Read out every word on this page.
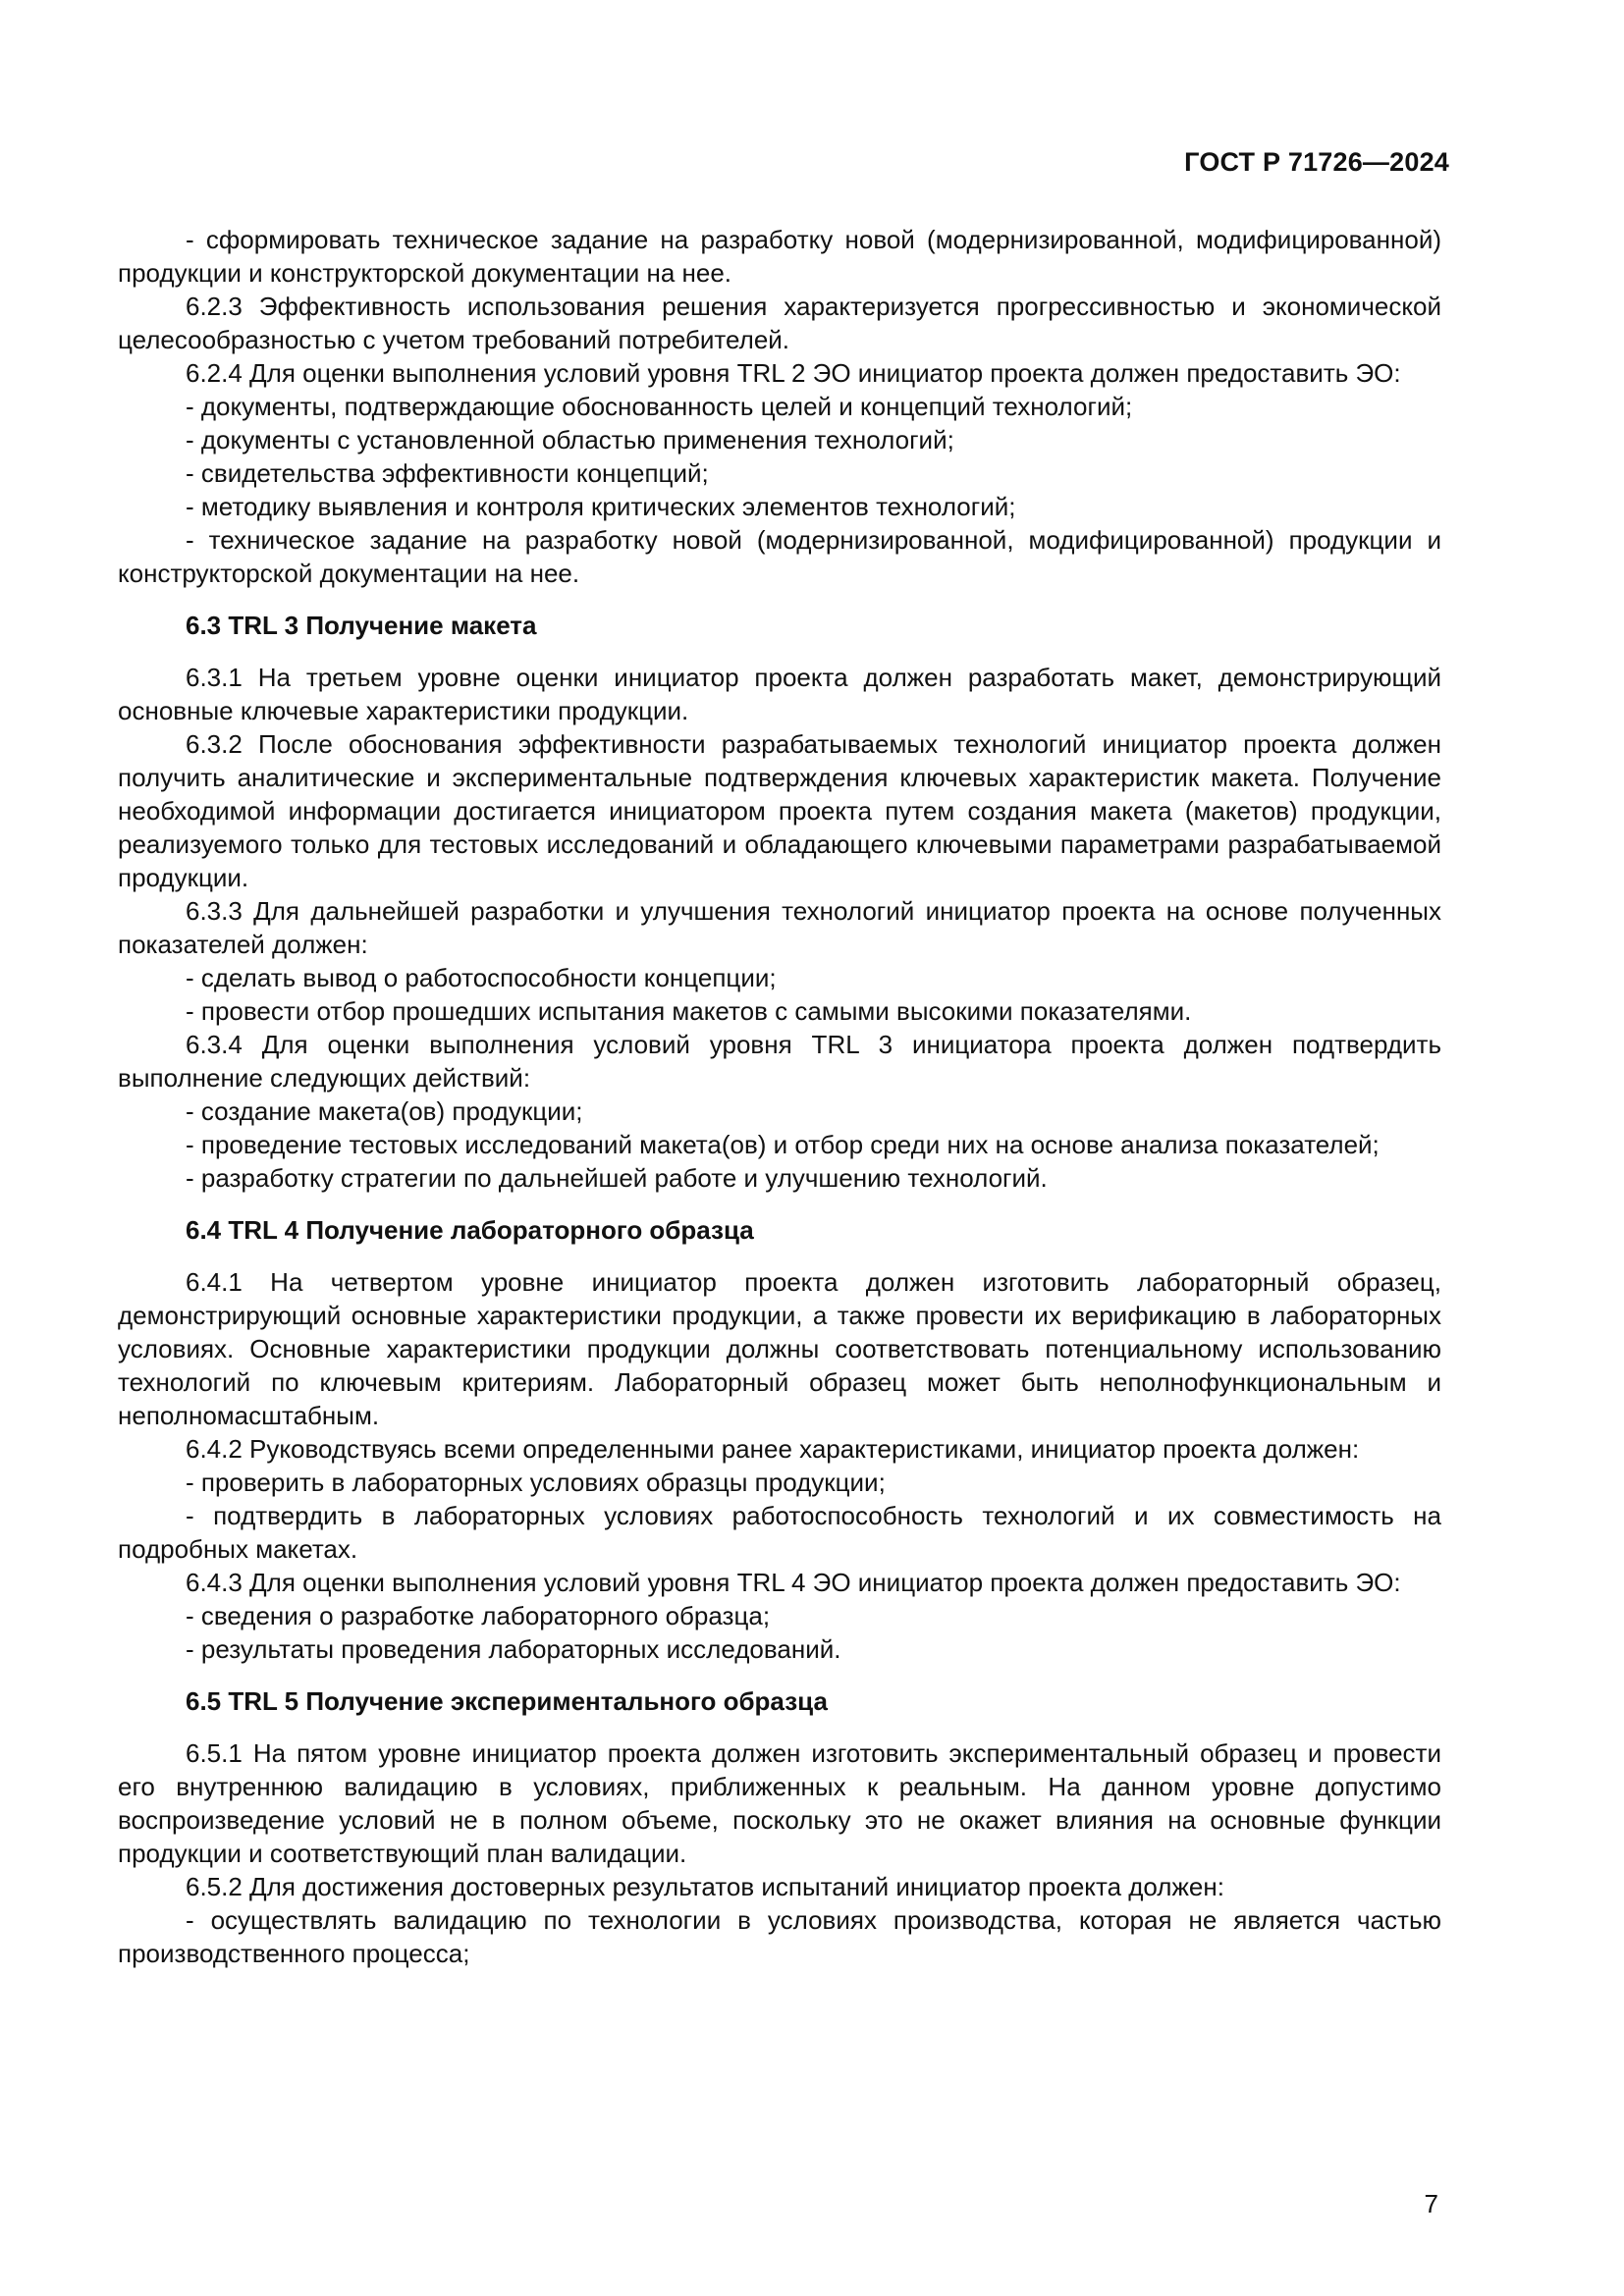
ГОСТ Р 71726—2024
- сформировать техническое задание на разработку новой (модернизированной, модифицированной) продукции и конструкторской документации на нее.
6.2.3 Эффективность использования решения характеризуется прогрессивностью и экономической целесообразностью с учетом требований потребителей.
6.2.4 Для оценки выполнения условий уровня TRL 2 ЭО инициатор проекта должен предоставить ЭО:
- документы, подтверждающие обоснованность целей и концепций технологий;
- документы с установленной областью применения технологий;
- свидетельства эффективности концепций;
- методику выявления и контроля критических элементов технологий;
- техническое задание на разработку новой (модернизированной, модифицированной) продукции и конструкторской документации на нее.
6.3 TRL 3 Получение макета
6.3.1 На третьем уровне оценки инициатор проекта должен разработать макет, демонстрирующий основные ключевые характеристики продукции.
6.3.2 После обоснования эффективности разрабатываемых технологий инициатор проекта должен получить аналитические и экспериментальные подтверждения ключевых характеристик макета. Получение необходимой информации достигается инициатором проекта путем создания макета (макетов) продукции, реализуемого только для тестовых исследований и обладающего ключевыми параметрами разрабатываемой продукции.
6.3.3 Для дальнейшей разработки и улучшения технологий инициатор проекта на основе полученных показателей должен:
- сделать вывод о работоспособности концепции;
- провести отбор прошедших испытания макетов с самыми высокими показателями.
6.3.4 Для оценки выполнения условий уровня TRL 3 инициатора проекта должен подтвердить выполнение следующих действий:
- создание макета(ов) продукции;
- проведение тестовых исследований макета(ов) и отбор среди них на основе анализа показателей;
- разработку стратегии по дальнейшей работе и улучшению технологий.
6.4 TRL 4 Получение лабораторного образца
6.4.1 На четвертом уровне инициатор проекта должен изготовить лабораторный образец, демонстрирующий основные характеристики продукции, а также провести их верификацию в лабораторных условиях. Основные характеристики продукции должны соответствовать потенциальному использованию технологий по ключевым критериям. Лабораторный образец может быть неполнофункциональным и неполномасштабным.
6.4.2 Руководствуясь всеми определенными ранее характеристиками, инициатор проекта должен:
- проверить в лабораторных условиях образцы продукции;
- подтвердить в лабораторных условиях работоспособность технологий и их совместимость на подробных макетах.
6.4.3 Для оценки выполнения условий уровня TRL 4 ЭО инициатор проекта должен предоставить ЭО:
- сведения о разработке лабораторного образца;
- результаты проведения лабораторных исследований.
6.5 TRL 5 Получение экспериментального образца
6.5.1 На пятом уровне инициатор проекта должен изготовить экспериментальный образец и провести его внутреннюю валидацию в условиях, приближенных к реальным. На данном уровне допустимо воспроизведение условий не в полном объеме, поскольку это не окажет влияния на основные функции продукции и соответствующий план валидации.
6.5.2 Для достижения достоверных результатов испытаний инициатор проекта должен:
- осуществлять валидацию по технологии в условиях производства, которая не является частью производственного процесса;
7
